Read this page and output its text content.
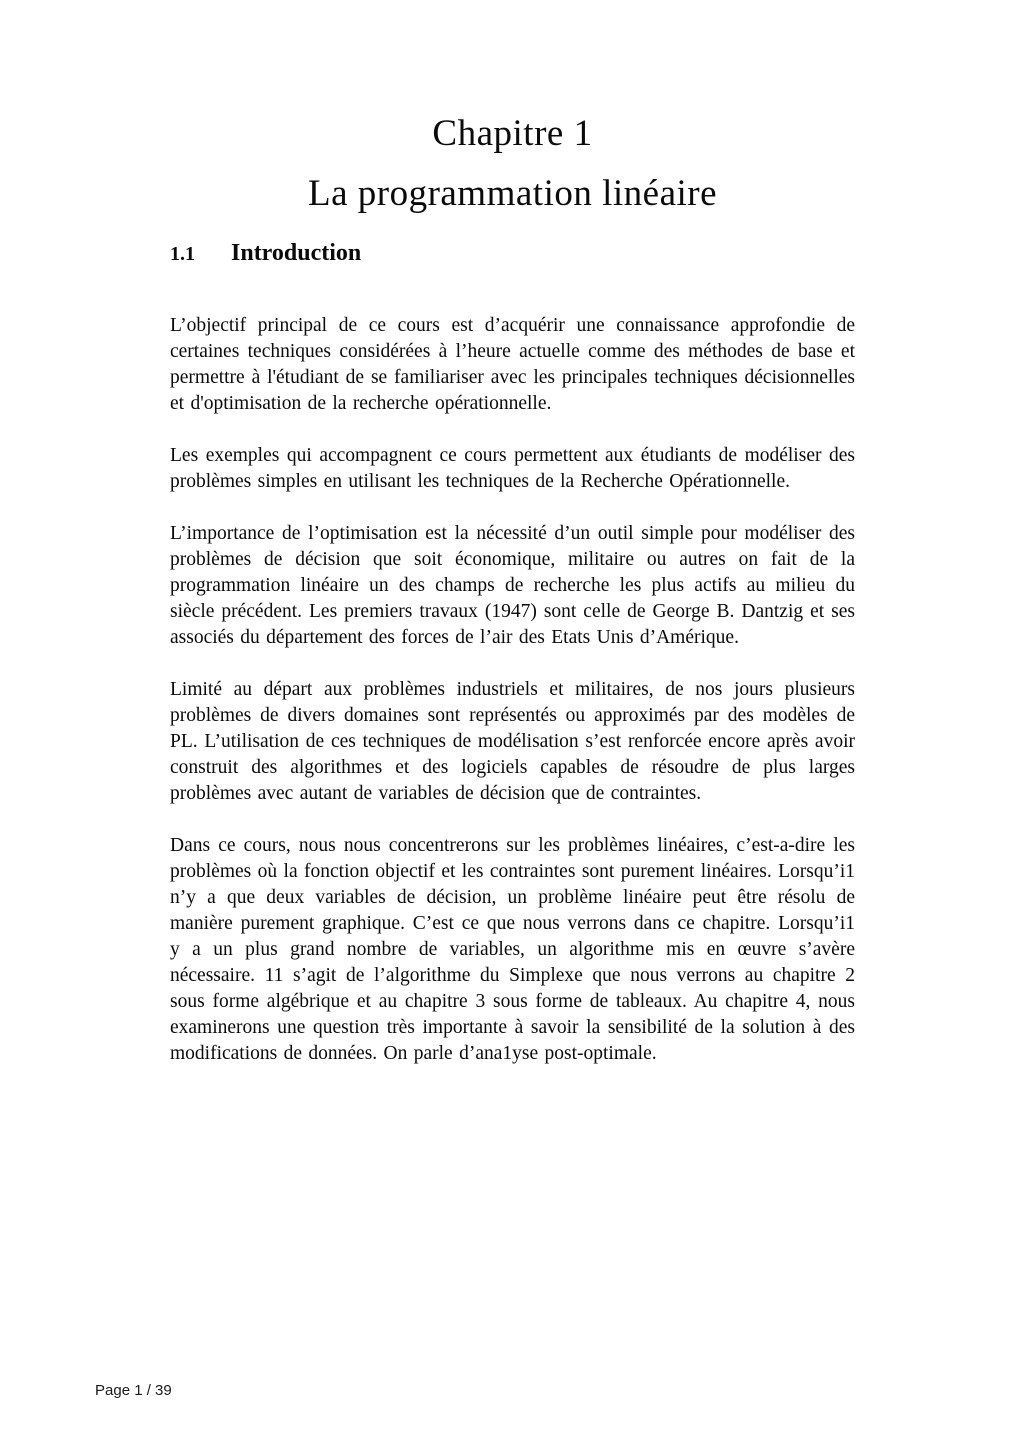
Chapitre 1
La programmation linéaire
1.1 Introduction

L’objectif principal de ce cours est d’acquérir une connaissance approfondie de certaines techniques considérées à l’heure actuelle comme des méthodes de base et permettre à l'étudiant de se familiariser avec les principales techniques décisionnelles et d'optimisation de la recherche opérationnelle.

Les exemples qui accompagnent ce cours permettent aux étudiants de modéliser des problèmes simples en utilisant les techniques de la Recherche Opérationnelle.

L’importance de l’optimisation est la nécessité d’un outil simple pour modéliser des problèmes de décision que soit économique, militaire ou autres on fait de la programmation linéaire un des champs de recherche les plus actifs au milieu du siècle précédent. Les premiers travaux (1947) sont celle de George B. Dantzig et ses associés du département des forces de l’air des Etats Unis d’Amérique.

Limité au départ aux problèmes industriels et militaires, de nos jours plusieurs problèmes de divers domaines sont représentés ou approximés par des modèles de PL. L’utilisation de ces techniques de modélisation s’est renforcée encore après avoir construit des algorithmes et des logiciels capables de résoudre de plus larges problèmes avec autant de variables de décision que de contraintes.

Dans ce cours, nous nous concentrerons sur les problèmes linéaires, c’est-a-dire les problèmes où la fonction objectif et les contraintes sont purement linéaires. Lorsqu’i1 n’y a que deux variables de décision, un problème linéaire peut être résolu de manière purement graphique. C’est ce que nous verrons dans ce chapitre. Lorsqu’i1 y a un plus grand nombre de variables, un algorithme mis en œuvre s’avère nécessaire. 11 s’agit de l’algorithme du Simplexe que nous verrons au chapitre 2 sous forme algébrique et au chapitre 3 sous forme de tableaux. Au chapitre 4, nous examinerons une question très importante à savoir la sensibilité de la solution à des modifications de données. On parle d’ana1yse post-optimale.

Page 1 / 39
